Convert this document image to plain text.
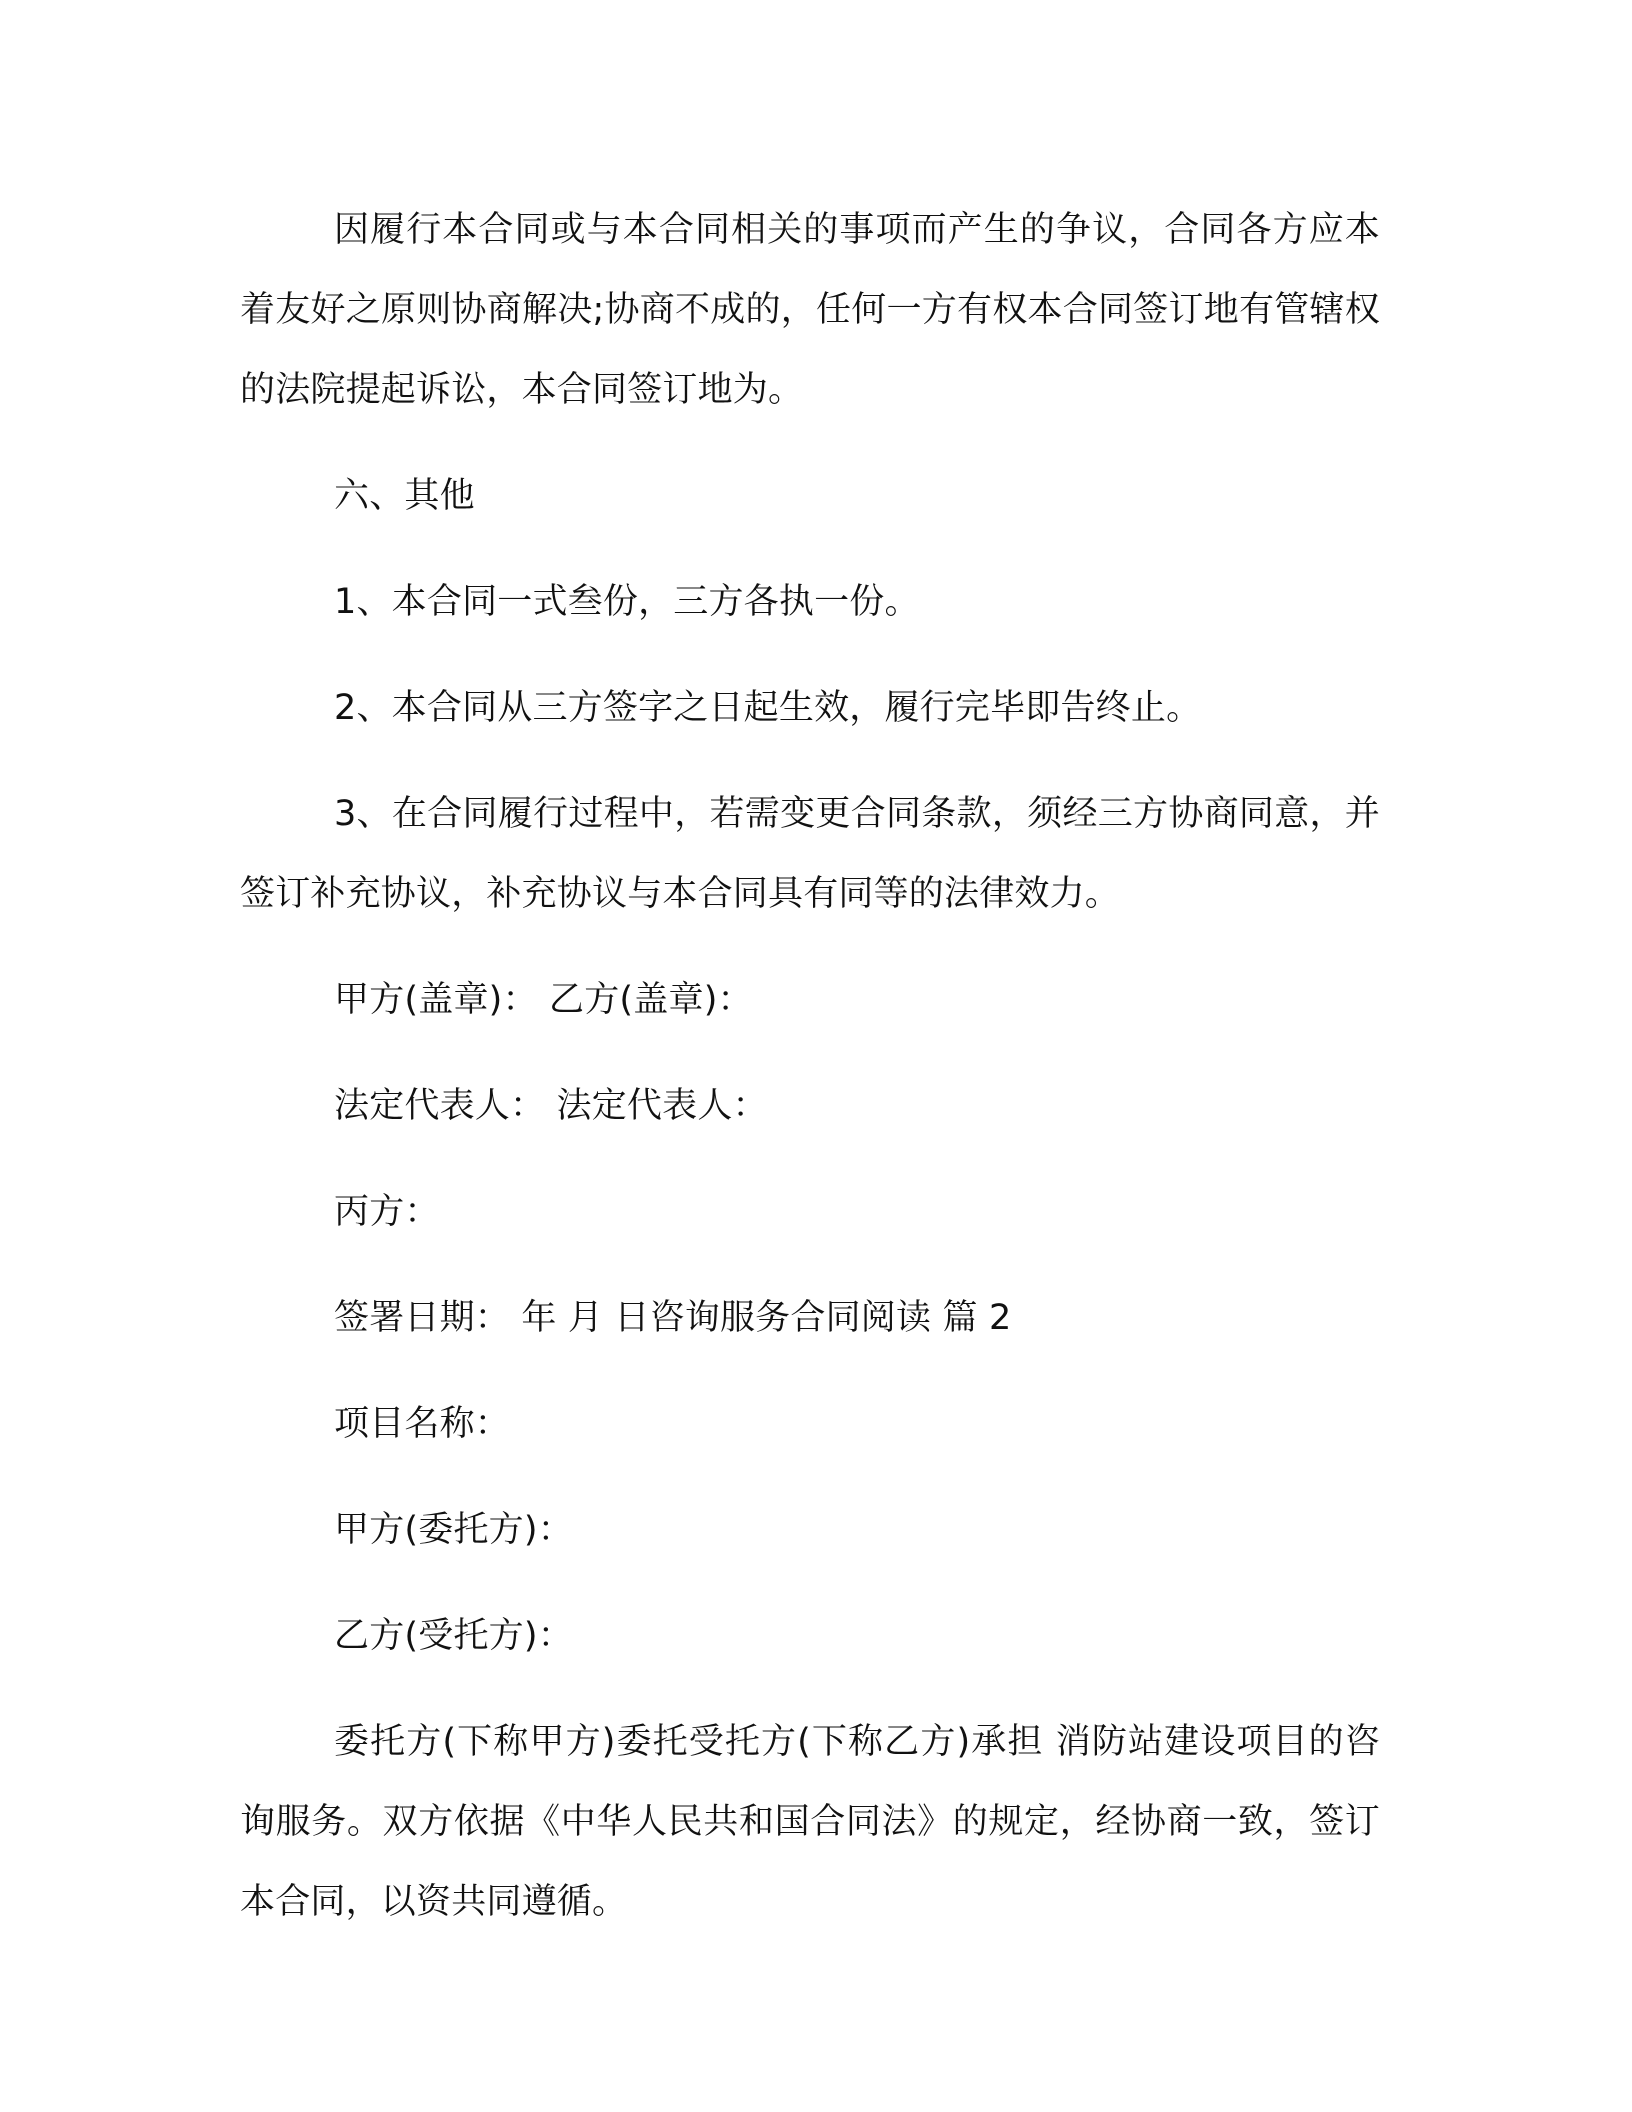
因履行本合同或与本合同相关的事项而产生的争议，合同各方应本着友好之原则协商解决;协商不成的，任何一方有权本合同签订地有管辖权的法院提起诉讼，本合同签订地为。

六、其他

1、本合同一式叁份，三方各执一份。

2、本合同从三方签字之日起生效，履行完毕即告终止。

3、在合同履行过程中，若需变更合同条款，须经三方协商同意，并签订补充协议，补充协议与本合同具有同等的法律效力。

甲方(盖章)： 乙方(盖章)：

法定代表人： 法定代表人：

丙方：

签署日期： 年 月 日咨询服务合同阅读 篇 2

项目名称：

甲方(委托方)：

乙方(受托方)：

委托方(下称甲方)委托受托方(下称乙方)承担 消防站建设项目的咨询服务。双方依据《中华人民共和国合同法》的规定，经协商一致，签订本合同，以资共同遵循。
